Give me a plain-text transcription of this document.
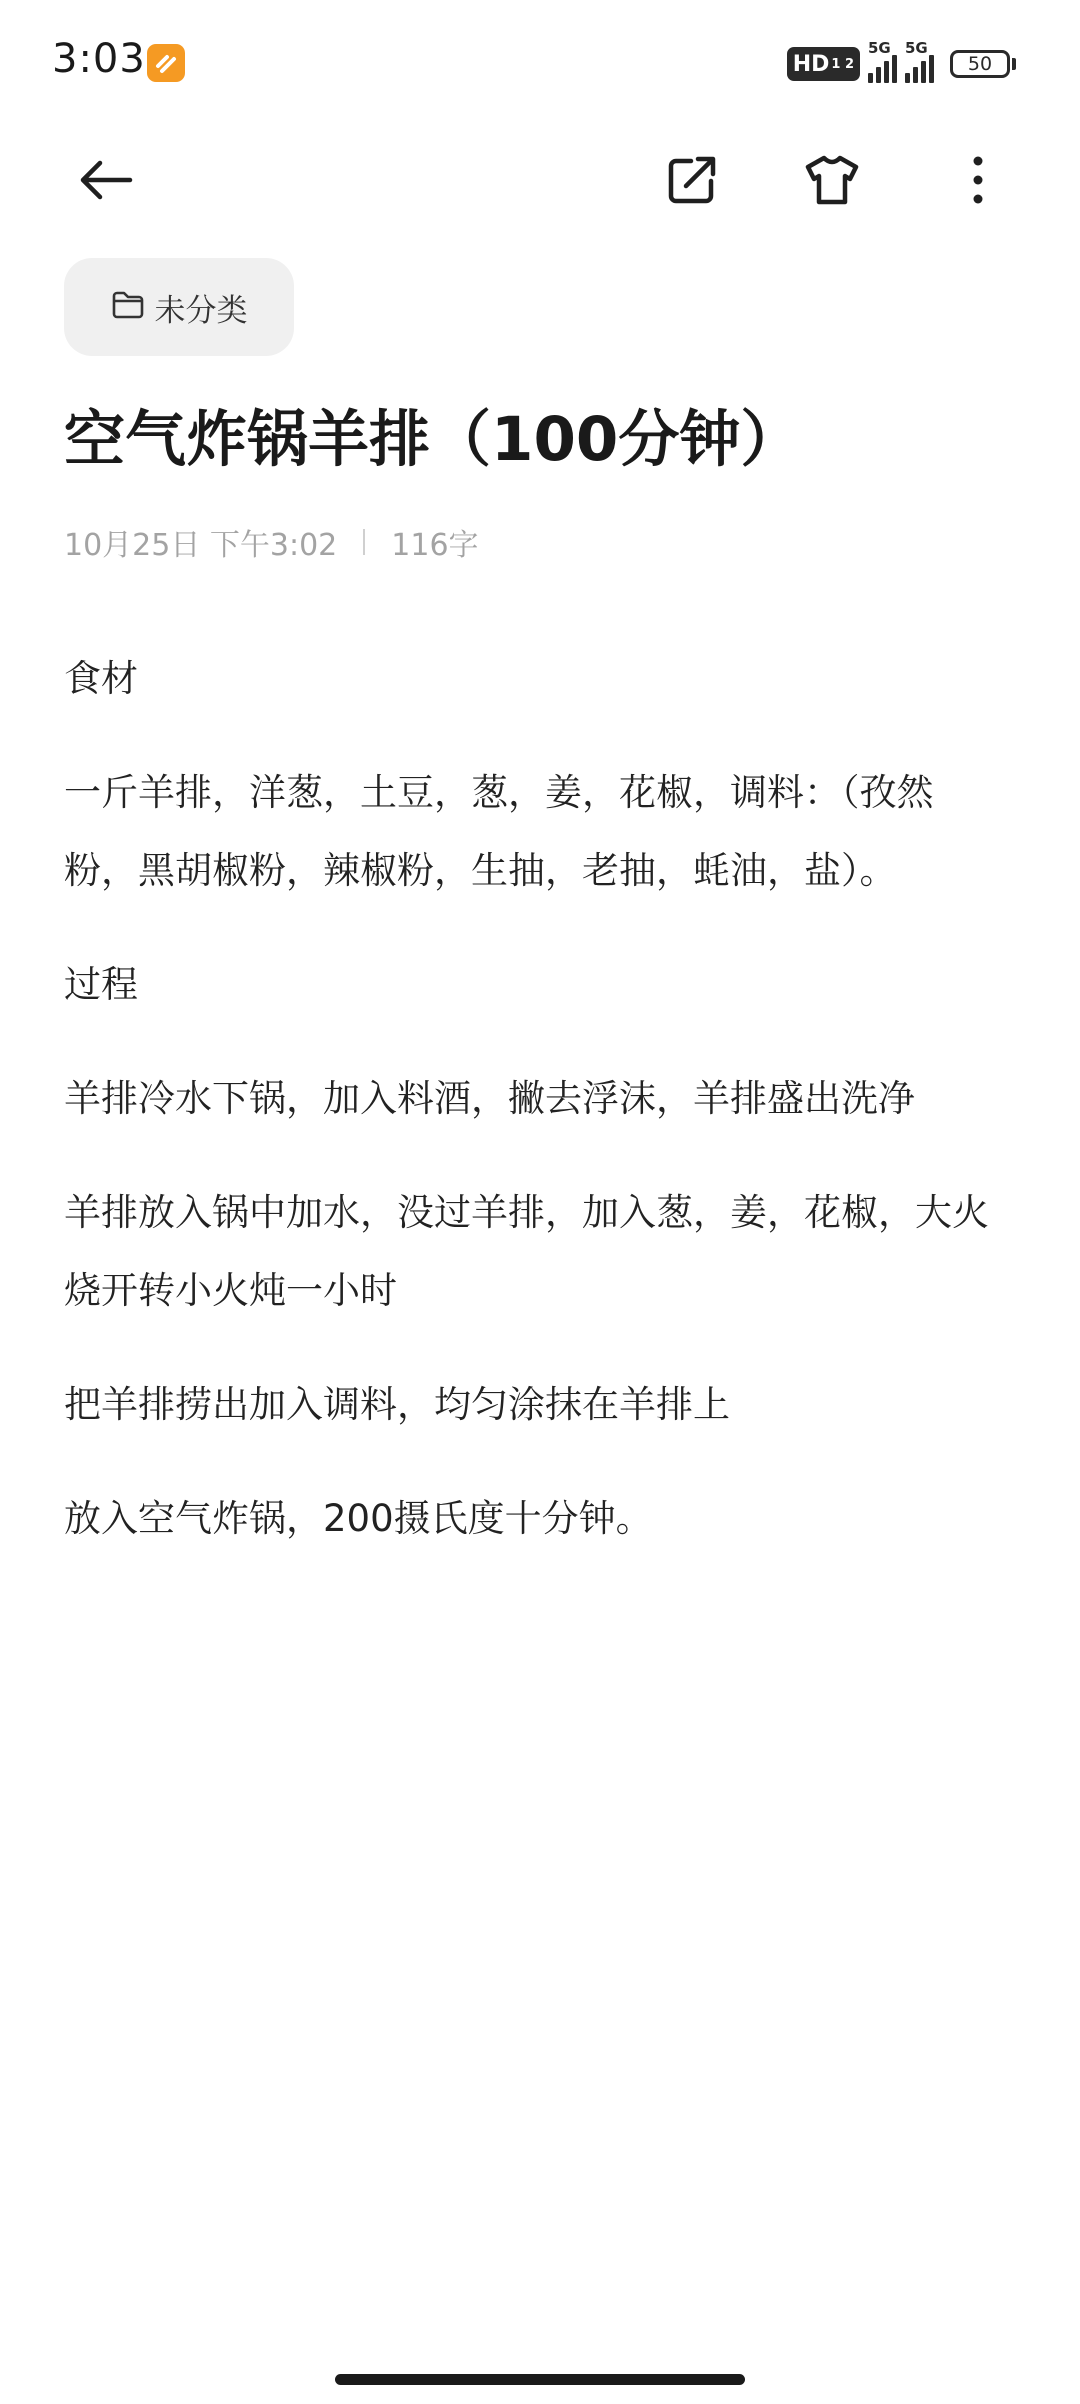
3:03	HD 1 2
5G 5G
50
未分类
空气炸锅羊排（100分钟）
10月25日 下午3:02 116字

食材

一斤羊排，洋葱，土豆，葱，姜，花椒，调料：（孜然粉，黑胡椒粉，辣椒粉，生抽，老抽，蚝油，盐）。

过程

羊排冷水下锅，加入料酒，撇去浮沫，羊排盛出洗净

羊排放入锅中加水，没过羊排，加入葱，姜，花椒，大火烧开转小火炖一小时

把羊排捞出加入调料，均匀涂抹在羊排上

放入空气炸锅，200摄氏度十分钟。
